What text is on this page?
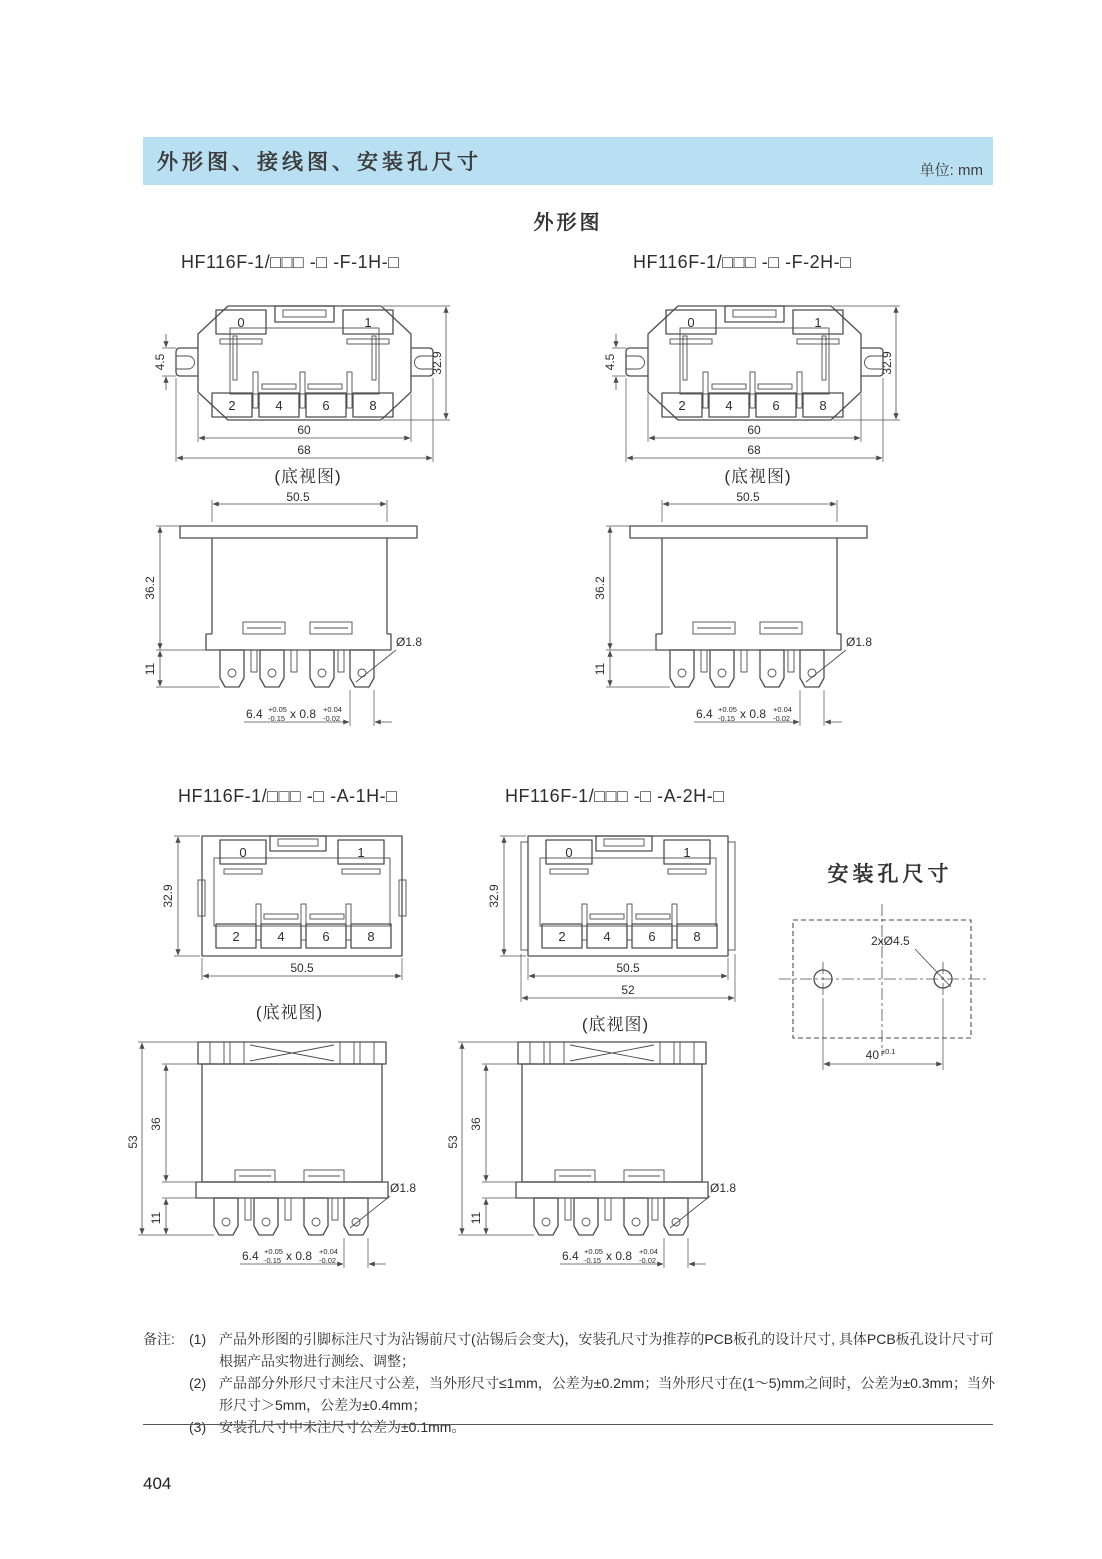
外形图、接线图、安装孔尺寸	单位: mm
外形图
HF116F-1/□□□ -□ -F-1H-□	HF116F-1/□□□ -□ -F-2H-□
0	1
2	4	6	8
4.5	32.9
60
68
(底视图)
0	1
2	4	6	8
4.5	32.9
60
68
(底视图)
50.5
36.2
11
Ø1.8
6.4 +0.05
-0.15 x 0.8 +0.04
-0.02
50.5
36.2
11
Ø1.8
6.4 +0.05
-0.15 x 0.8 +0.04
-0.02
HF116F-1/□□□ -□ -A-1H-□	HF116F-1/□□□ -□ -A-2H-□
0	1
2	4	6	8
32.9
50.5
(底视图)
0	1
2	4	6	8
32.9
50.5
52
(底视图)
安装孔尺寸
2xØ4.5
40 ±0.1
53
36
11
Ø1.8
6.4 +0.05
-0.15 x 0.8 +0.04
-0.02
53
36
11
Ø1.8
6.4 +0.05
-0.15 x 0.8 +0.04
-0.02
备注:	(1) 产品外形图的引脚标注尺寸为沾锡前尺寸(沾锡后会变大)，安装孔尺寸为推荐的PCB板孔的设计尺寸, 具体PCB板孔设计尺寸可根据产品实物进行测绘、调整；
(2) 产品部分外形尺寸未注尺寸公差，当外形尺寸≤1mm，公差为±0.2mm；当外形尺寸在(1～5)mm之间时，公差为±0.3mm；当外形尺寸＞5mm，公差为±0.4mm；
(3) 安装孔尺寸中未注尺寸公差为±0.1mm。
404
